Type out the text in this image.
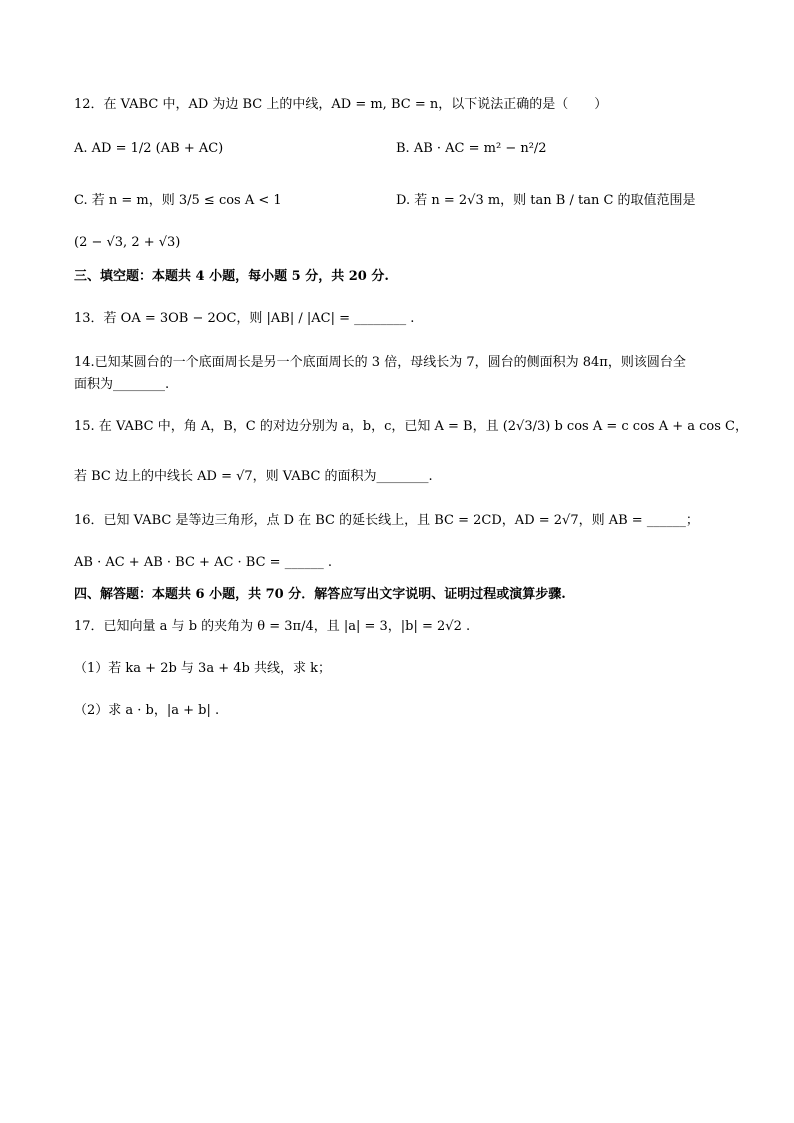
12．在 VABC 中，AD 为边 BC 上的中线，AD = m, BC = n，以下说法正确的是（　　）
A. AD = 1/2 (AB + AC)	B. AB · AC = m² − n²/2
C. 若 n = m，则 3/5 ≤ cos A < 1	D. 若 n = 2√3 m，则 tan B / tan C 的取值范围是
(2 − √3, 2 + √3)
三、填空题：本题共 4 小题，每小题 5 分，共 20 分.
13．若 OA = 3OB − 2OC，则 |AB| / |AC| = ________ .
14.已知某圆台的一个底面周长是另一个底面周长的 3 倍，母线长为 7，圆台的侧面积为 84π，则该圆台全
面积为________.
15. 在 VABC 中，角 A，B，C 的对边分别为 a，b，c，已知 A = B，且 (2√3/3) b cos A = c cos A + a cos C，
若 BC 边上的中线长 AD = √7，则 VABC 的面积为________.
16．已知 VABC 是等边三角形，点 D 在 BC 的延长线上，且 BC = 2CD，AD = 2√7，则 AB = ______；
AB · AC + AB · BC + AC · BC = ______ .
四、解答题：本题共 6 小题，共 70 分．解答应写出文字说明、证明过程或演算步骤.
17．已知向量 a 与 b 的夹角为 θ = 3π/4，且 |a| = 3，|b| = 2√2 .
（1）若 ka + 2b 与 3a + 4b 共线，求 k；
（2）求 a · b，|a + b| .
